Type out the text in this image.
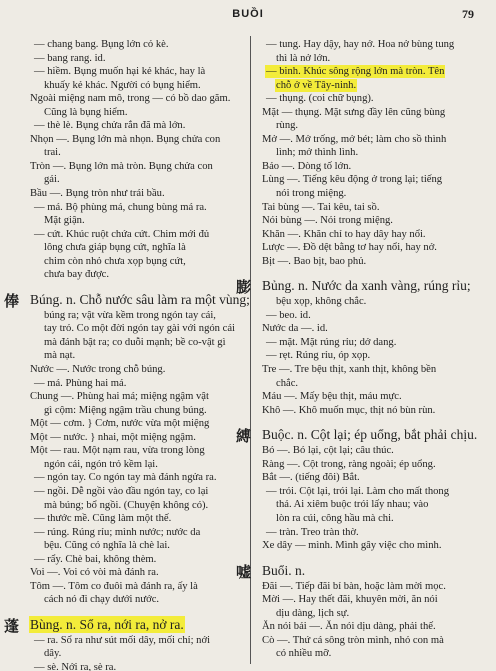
BUỒI	79
— chang bang. Bụng lớn cỏ kè.
— bang rang. id.
— hiềm. Bụng muốn hại kẻ khác, hay là
khuấy kẻ khác. Người có bụng hiểm.
Ngoài miệng nam mô, trong — có bồ dao găm.
Cũng là bụng hiểm.
— thè lè. Bụng chửa rắn đã mà lớn.
Nhọn —. Bụng lớn mà nhọn. Bụng chửa con
trai.
Tròn —. Bụng lớn mà tròn. Bụng chửa con
gái.
Bầu —. Bụng tròn như trái bầu.
— má. Bộ phùng má, chung bùng má ra.
Mặt giận.
— cứt. Khúc ruột chứa cứt. Chim mới đủ
lông chưa giáp bụng cứt, nghĩa là
chim còn nhỏ chưa xọp bụng cứt,
chưa bay được.
俸 Búng. n. Chỗ nước sâu làm ra một vùng;
búng ra; vật vừa kềm trong ngón tay cái,
tay trỏ. Co một đời ngón tay gài với ngón cái
mà đánh bật ra; co duỗi mạnh; bề co-vật gì
mà nạt.
Nước —. Nước trong chỗ búng.
— má. Phùng hai má.
Chung —. Phùng hai má; miệng ngậm vật
gì cộm: Miệng ngậm trầu chung búng.
Một — cơm. } Cơm, nước vừa một miệng
Một — nước. } nhai, một miệng ngậm.
Một — rau. Một nạm rau, vừa trong lòng
ngón cái, ngón trỏ kềm lại.
— ngón tay. Co ngón tay mà đánh ngửa ra.
— ngồi. Dễ ngồi vào đầu ngón tay, co lại
mà búng; bổ ngồi. (Chuyện không có).
— thước mề. Cũng làm một thế.
— rúng. Rúng rỉu; mình nước; nước da
bệu. Cũng có nghĩa là chè lai.
— rẩy. Chè bai, không thèm.
Voi —. Voi có vòi mà đánh ra.
Tôm —. Tôm co đuôi mà đánh ra, ấy là
cách nó đi chạy dưới nước.
蓬 Bùng. n. Sổ ra, nới ra, nở ra.
— ra. Sổ ra như sút mối dây, mối chỉ; nới
dây.
— sè. Nới ra, sè ra.
— tung. Hay dậy, hay nở. Hoa nở bùng tung
thì là nở lớn.
— binh. Khúc sông rộng lớn mà tròn. Tên
chỗ ở về Tây-ninh.
— thụng. (coi chữ bụng).
Mặt — thụng. Mặt sưng đầy lên cũng bùng
rùng.
Mở —. Mở trống, mở bét; làm cho sồ thình
lình; mở thình lình.
Bảo —. Dòng tố lớn.
Lùng —. Tiếng kêu động ở trong lại; tiếng
nói trong miệng.
Tai bùng —. Tai kêu, tai sồ.
Nói bùng —. Nói trong miệng.
Khăn —. Khăn chỉ to hay dây hay nổi.
Lược —. Đồ dệt bằng tơ hay nổi, hay nở.
Bịt —. Bao bịt, bao phủ.
膨 Bủng. n. Nước da xanh vàng, rúng rỉu;
bệu xọp, không chắc.
— beo. id.
Nước da —. id.
— mặt. Mặt rúng rỉu; dở dang.
— rẹt. Rúng rỉu, óp xọp.
Tre —. Tre bệu thịt, xanh thịt, không bền
chắc.
Máu —. Mấy bệu thịt, máu mực.
Khô —. Khô muốn mục, thịt nó bùn rùn.
縛 Buộc. n. Cột lại; ép uổng, bắt phải chịu.
Bó —. Bó lại, cột lại; câu thúc.
Ràng —. Cột trong, ràng ngoài; ép uổng.
Bắt —. (tiếng đôi) Bắt.
— trói. Cột lại, trói lại. Làm cho mất thong
thả. Ai xiêm buộc trói lấy nhau; vào
lòn ra cúi, công hầu mà chi.
— tràn. Treo tràn thờ.
Xe dây — mình. Mình gây việc cho mình.
嘘 Buổi. n.
Đãi —. Tiếp đãi bỉ bàn, hoặc làm mời mọc.
Mời —. Hay thết đãi, khuyên mời, ăn nói
dịu dàng, lịch sự.
Ăn nói bải —. Ăn nói dịu dàng, phải thế.
Cò —. Thứ cá sông tròn mình, nhỏ con mà
có nhiều mỡ.
